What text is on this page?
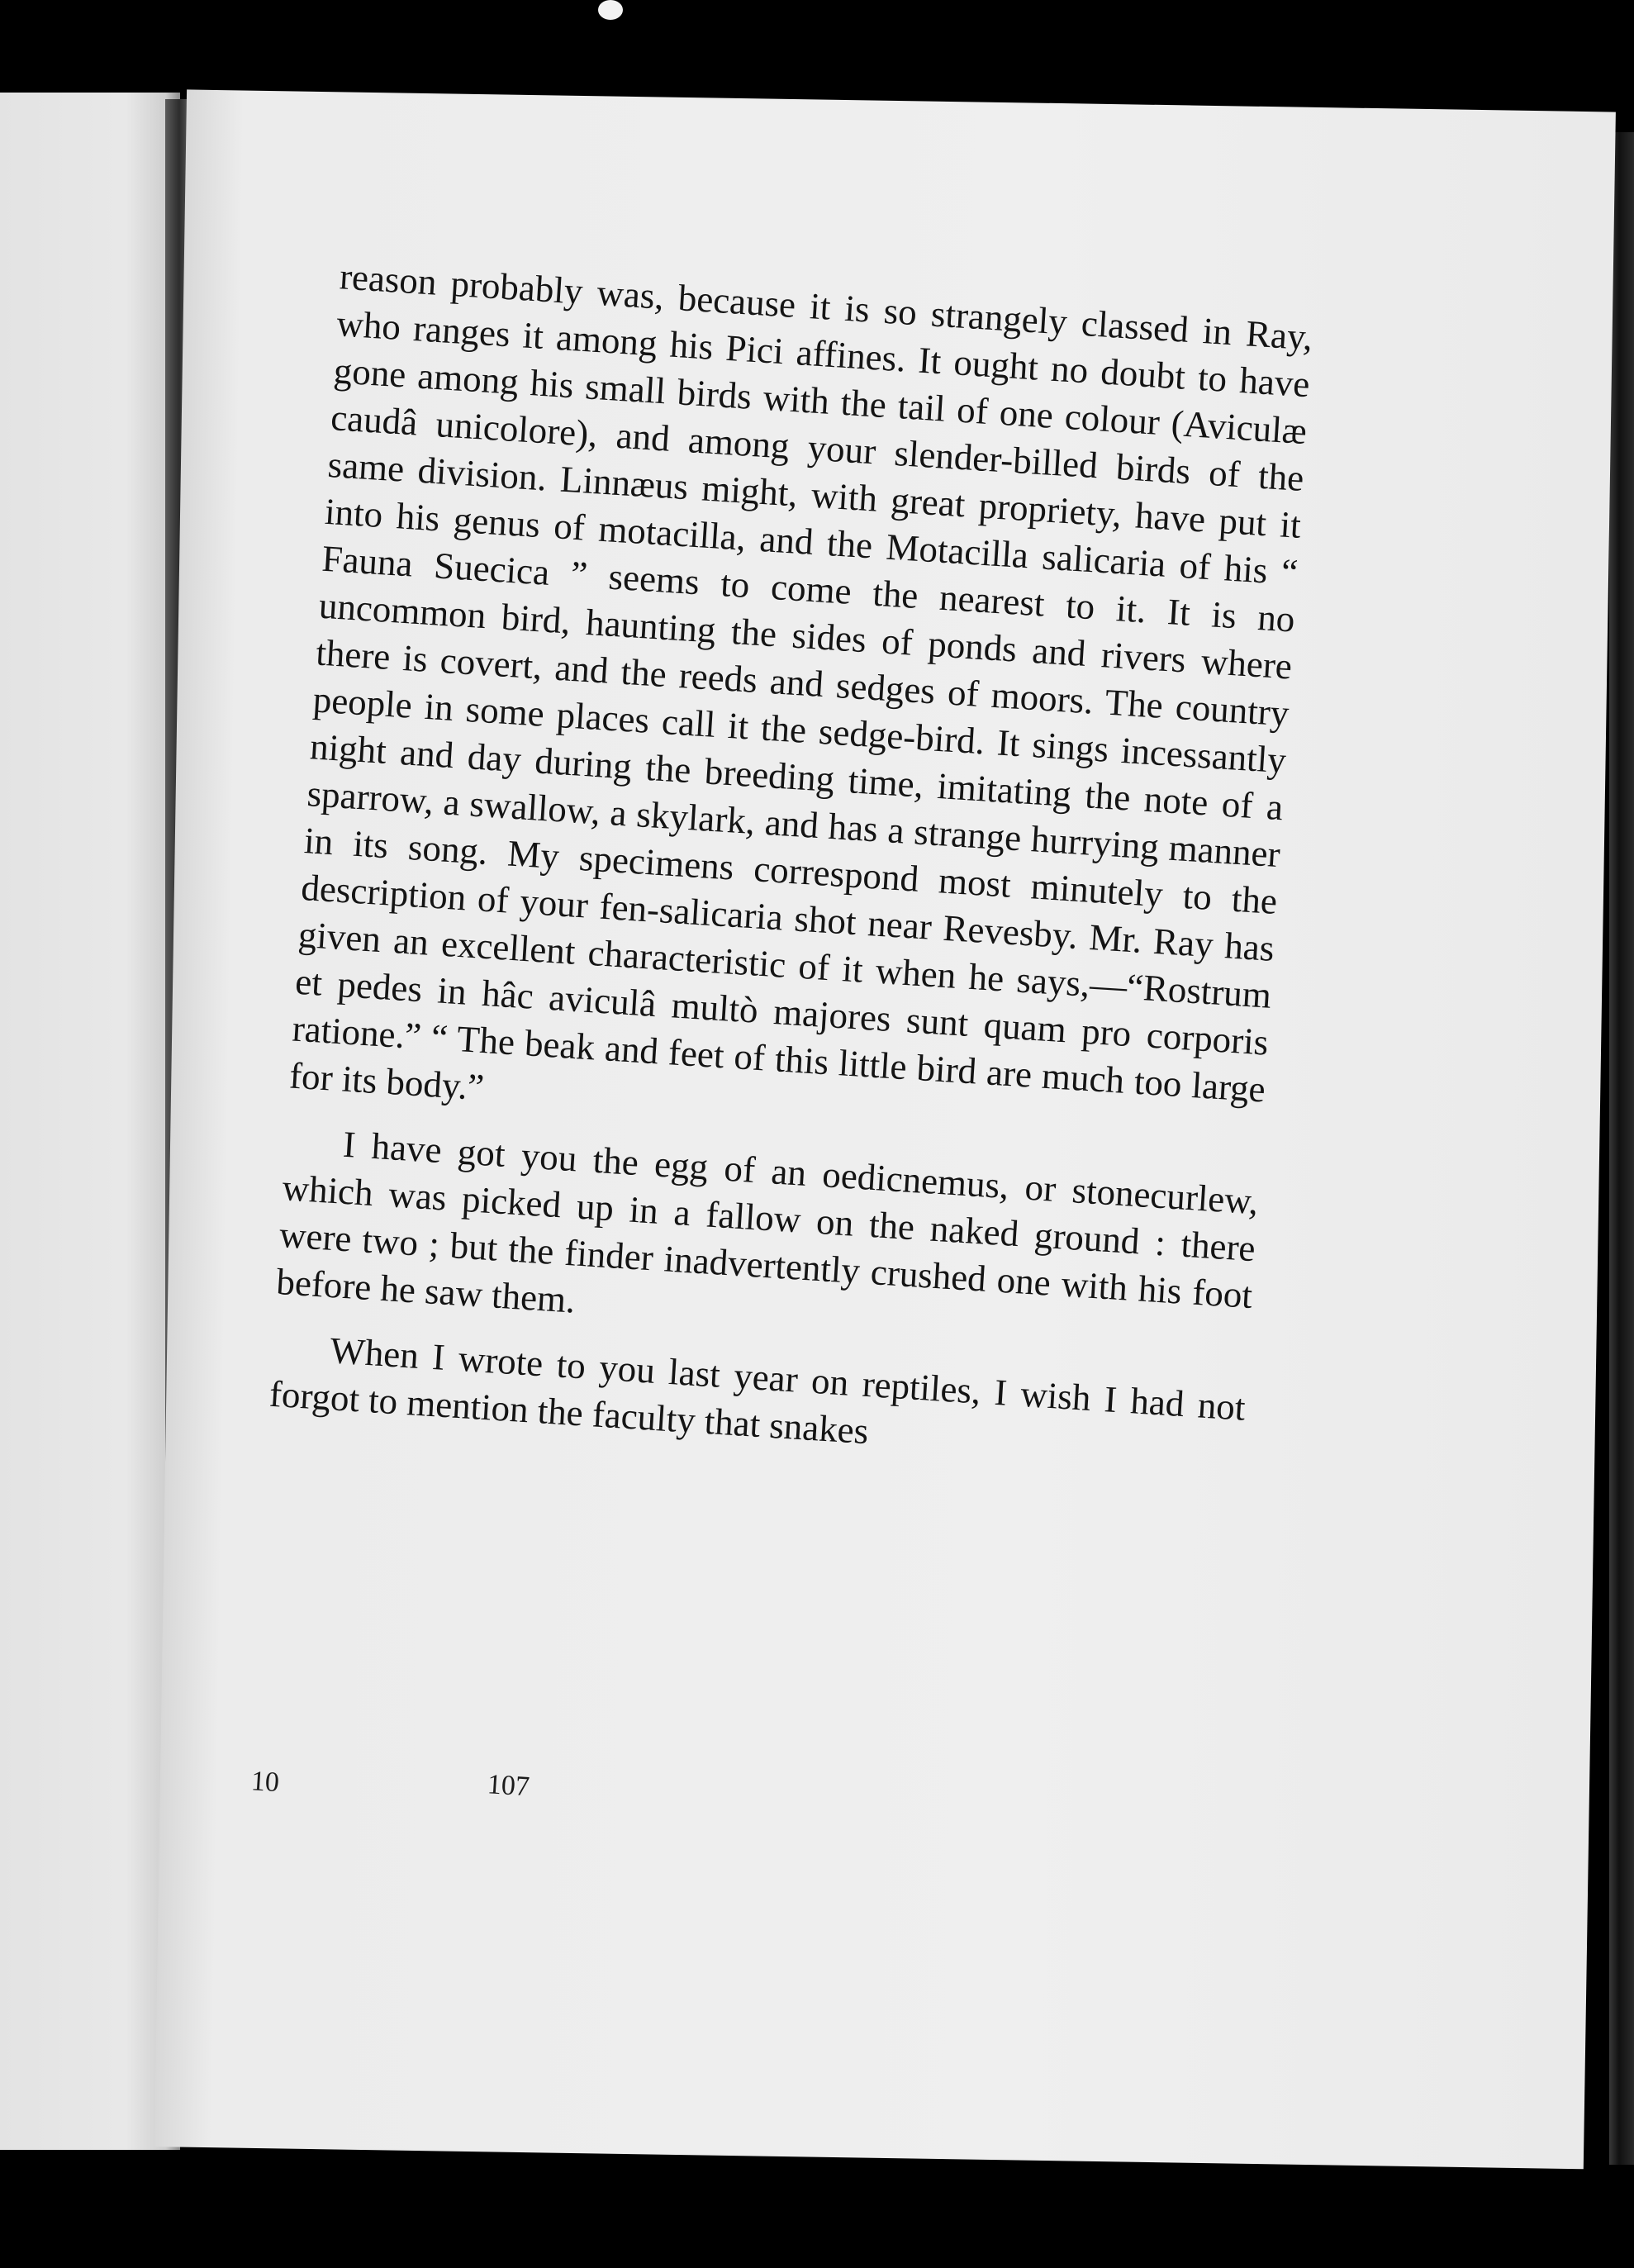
reason probably was, because it is so strangely classed in Ray, who ranges it among his Pici affines. It ought no doubt to have gone among his small birds with the tail of one colour (Aviculæ caudâ unicolore), and among your slender-billed birds of the same division. Linnæus might, with great propriety, have put it into his genus of motacilla, and the Motacilla salicaria of his “ Fauna Suecica ” seems to come the nearest to it. It is no uncommon bird, haunting the sides of ponds and rivers where there is covert, and the reeds and sedges of moors. The country people in some places call it the sedge-bird. It sings incessantly night and day during the breeding time, imitating the note of a sparrow, a swallow, a skylark, and has a strange hurrying manner in its song. My specimens correspond most minutely to the description of your fen-salicaria shot near Revesby. Mr. Ray has given an excellent characteristic of it when he says,—“Rostrum et pedes in hâc aviculâ multò majores sunt quam pro corporis ratione.” “ The beak and feet of this little bird are much too large for its body.”

I have got you the egg of an oedicnemus, or stonecurlew, which was picked up in a fallow on the naked ground : there were two ; but the finder inadvertently crushed one with his foot before he saw them.

When I wrote to you last year on reptiles, I wish I had not forgot to mention the faculty that snakes

10	107
